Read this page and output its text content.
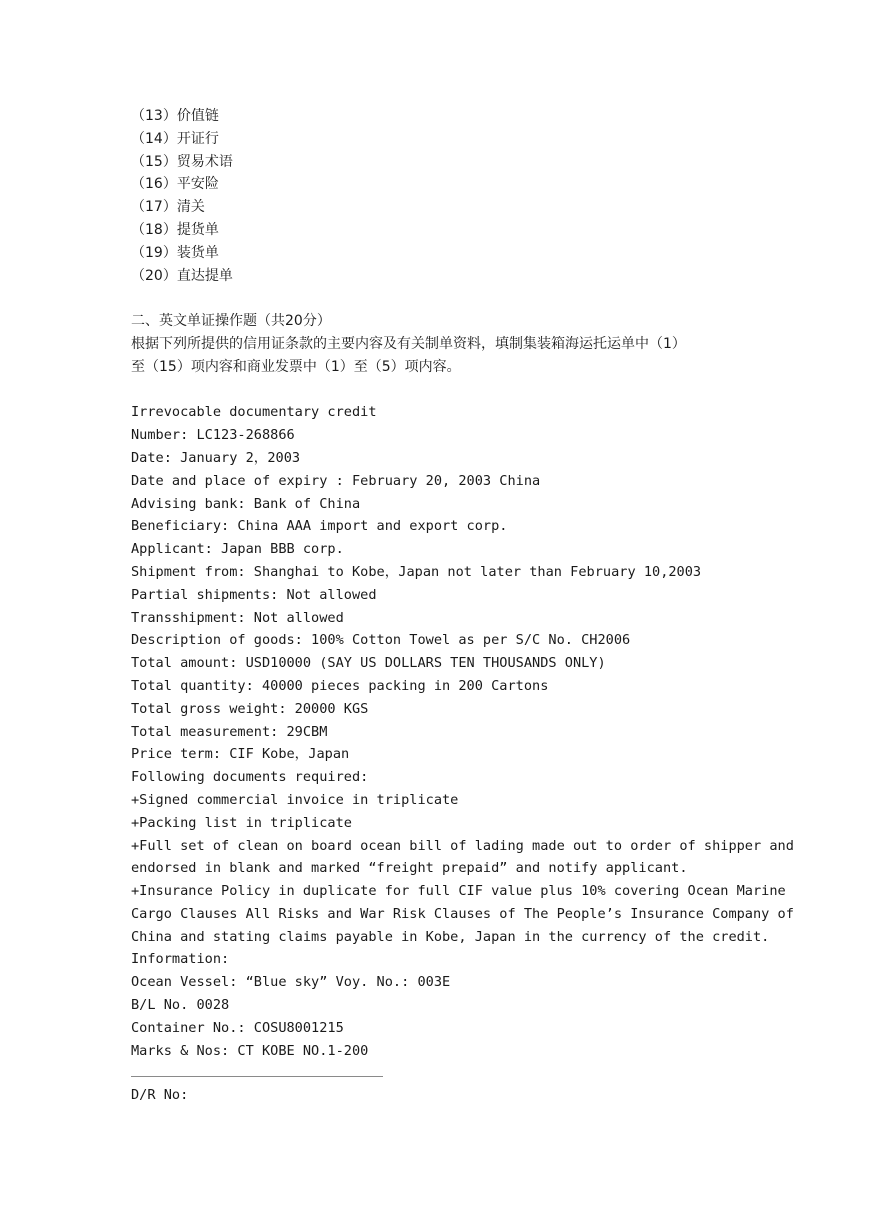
（13）价值链

（14）开证行

（15）贸易术语

（16）平安险

（17）清关

（18）提货单

（19）装货单

（20）直达提单

二、英文单证操作题（共20分）

根据下列所提供的信用证条款的主要内容及有关制单资料，填制集装箱海运托运单中（1）

至（15）项内容和商业发票中（1）至（5）项内容。

Irrevocable documentary credit

Number: LC123-268866

Date: January 2，2003

Date and place of expiry : February 20, 2003 China

Advising bank: Bank of China

Beneficiary: China AAA import and export corp.

Applicant: Japan BBB corp.

Shipment from: Shanghai to Kobe，Japan not later than February 10,2003

Partial shipments: Not allowed

Transshipment: Not allowed

Description of goods: 100% Cotton Towel as per S/C No. CH2006

Total amount: USD10000 (SAY US DOLLARS TEN THOUSANDS ONLY)

Total quantity: 40000 pieces packing in 200 Cartons

Total gross weight: 20000 KGS

Total measurement: 29CBM

Price term: CIF Kobe，Japan

Following documents required:

+Signed commercial invoice in triplicate

+Packing list in triplicate

+Full set of clean on board ocean bill of lading made out to order of shipper and

endorsed in blank and marked “freight prepaid” and notify applicant.

+Insurance Policy in duplicate for full CIF value plus 10% covering Ocean Marine

Cargo Clauses All Risks and War Risk Clauses of The People’s Insurance Company of

China and stating claims payable in Kobe, Japan in the currency of the credit.

Information:

Ocean Vessel: “Blue sky” Voy. No.: 003E

B/L No. 0028

Container No.: COSU8001215

Marks & Nos: CT KOBE NO.1-200

D/R No:
